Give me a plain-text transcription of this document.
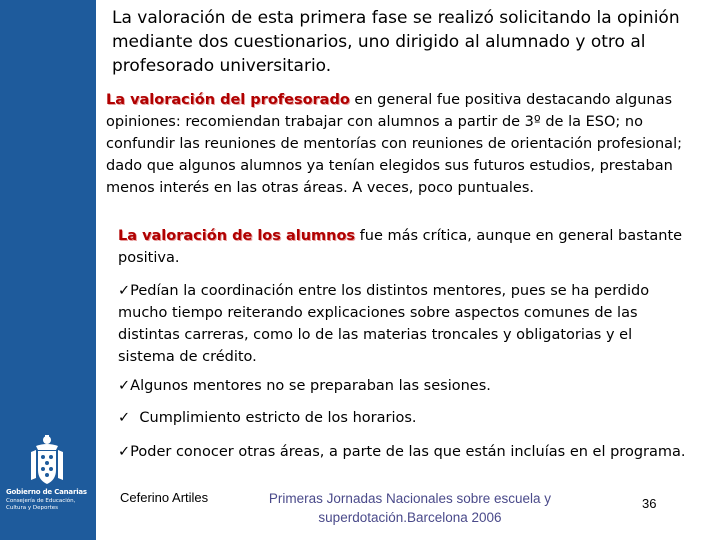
Gobierno de Canarias
Consejería de Educación, Cultura y Deportes

La valoración de esta primera fase se realizó solicitando la opinión mediante dos cuestionarios, uno dirigido al alumnado y otro al profesorado universitario.

La valoración del profesorado en general fue positiva destacando algunas opiniones: recomiendan trabajar con alumnos a partir de 3º de la ESO; no confundir las reuniones de mentorías con reuniones de orientación profesional; dado que algunos alumnos ya tenían elegidos sus futuros estudios, prestaban menos interés en las otras áreas. A veces, poco puntuales.

La valoración de los alumnos fue más crítica, aunque en general bastante positiva.

✓Pedían la coordinación entre los distintos mentores, pues se ha perdido mucho tiempo reiterando explicaciones sobre aspectos comunes de las distintas carreras, como lo de las materias troncales y obligatorias y el sistema de crédito.

✓Algunos mentores no se preparaban las sesiones.

✓  Cumplimiento estricto de los horarios.

✓Poder conocer otras áreas, a parte de las que están incluías en el programa.

Ceferino Artiles	Primeras Jornadas Nacionales sobre escuela y superdotación.Barcelona 2006
36
